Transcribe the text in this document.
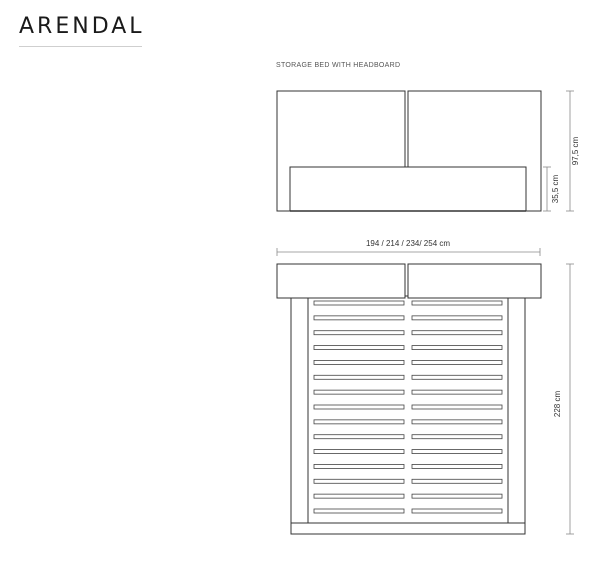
ARENDAL
STORAGE BED WITH HEADBOARD
97,5 cm
35,5 cm
194 / 214 / 234/ 254 cm
228 cm
